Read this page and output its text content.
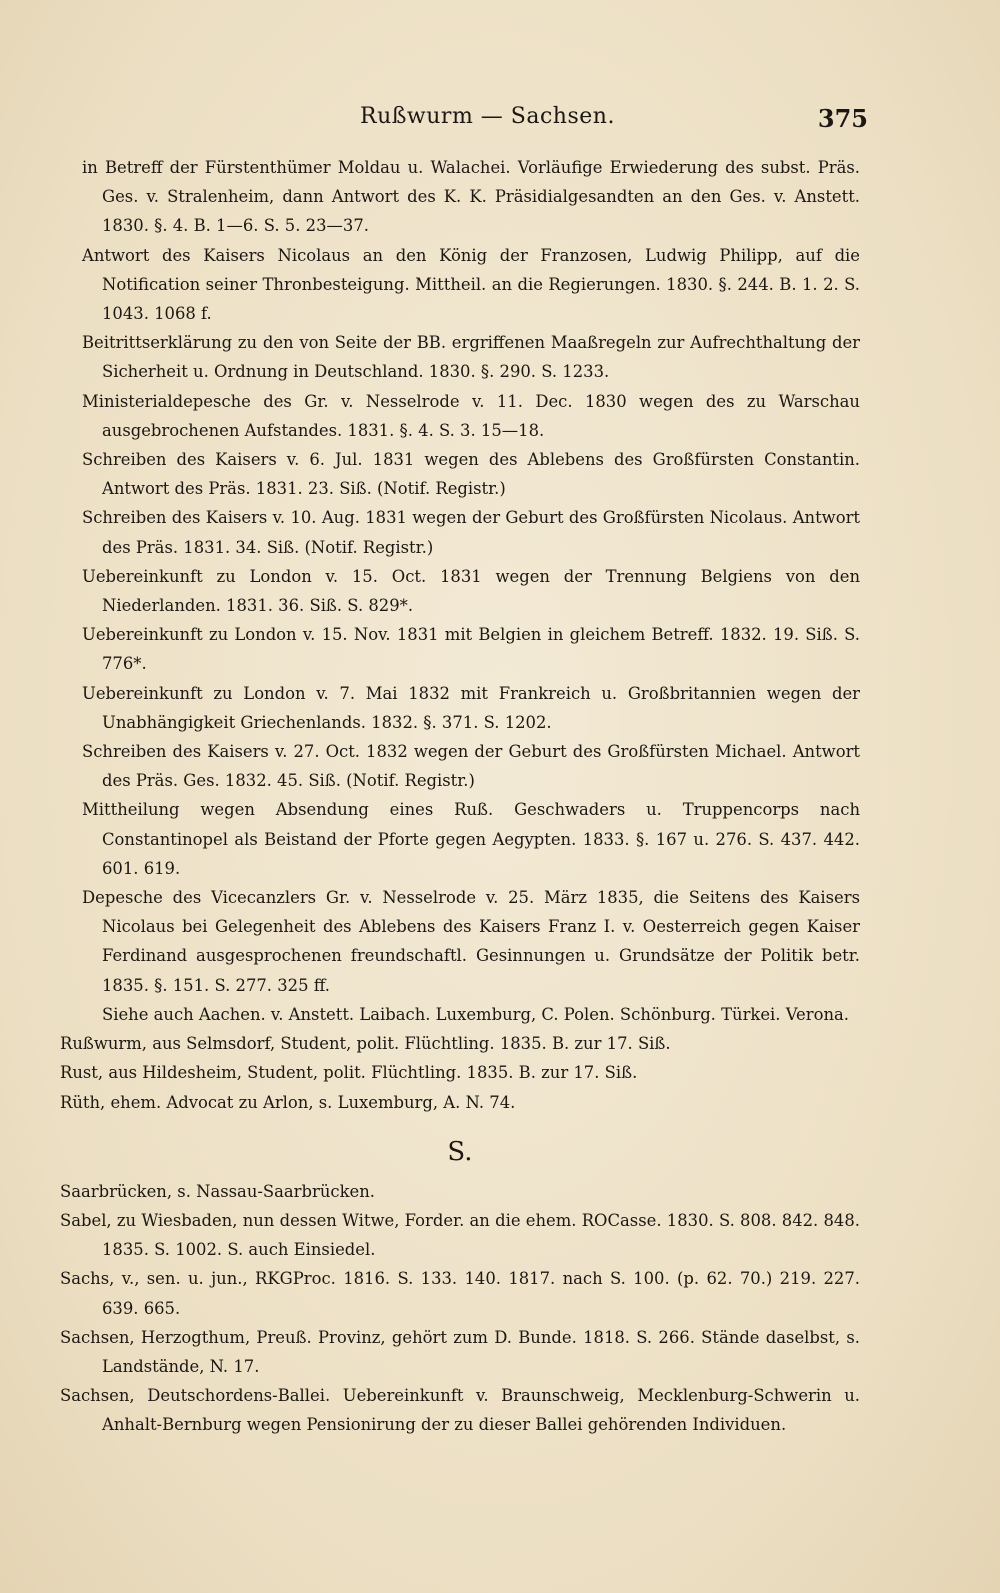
Rußwurm — Sachsen.	375

in Betreff der Fürstenthümer Moldau u. Walachei. Vorläufige Erwiederung des subst. Präs. Ges. v. Stralenheim, dann Antwort des K. K. Präsidialgesandten an den Ges. v. Anstett. 1830. §. 4. B. 1—6. S. 5. 23—37.

Antwort des Kaisers Nicolaus an den König der Franzosen, Ludwig Philipp, auf die Notification seiner Thronbesteigung. Mittheil. an die Regierungen. 1830. §. 244. B. 1. 2. S. 1043. 1068 f.

Beitrittserklärung zu den von Seite der BB. ergriffenen Maaßregeln zur Aufrechthaltung der Sicherheit u. Ordnung in Deutschland. 1830. §. 290. S. 1233.

Ministerialdepesche des Gr. v. Nesselrode v. 11. Dec. 1830 wegen des zu Warschau ausgebrochenen Aufstandes. 1831. §. 4. S. 3. 15—18.

Schreiben des Kaisers v. 6. Jul. 1831 wegen des Ablebens des Großfürsten Constantin. Antwort des Präs. 1831. 23. Siß. (Notif. Registr.)

Schreiben des Kaisers v. 10. Aug. 1831 wegen der Geburt des Großfürsten Nicolaus. Antwort des Präs. 1831. 34. Siß. (Notif. Registr.)

Uebereinkunft zu London v. 15. Oct. 1831 wegen der Trennung Belgiens von den Niederlanden. 1831. 36. Siß. S. 829*.

Uebereinkunft zu London v. 15. Nov. 1831 mit Belgien in gleichem Betreff. 1832. 19. Siß. S. 776*.

Uebereinkunft zu London v. 7. Mai 1832 mit Frankreich u. Großbritannien wegen der Unabhängigkeit Griechenlands. 1832. §. 371. S. 1202.

Schreiben des Kaisers v. 27. Oct. 1832 wegen der Geburt des Großfürsten Michael. Antwort des Präs. Ges. 1832. 45. Siß. (Notif. Registr.)

Mittheilung wegen Absendung eines Ruß. Geschwaders u. Truppencorps nach Constantinopel als Beistand der Pforte gegen Aegypten. 1833. §. 167 u. 276. S. 437. 442. 601. 619.

Depesche des Vicecanzlers Gr. v. Nesselrode v. 25. März 1835, die Seitens des Kaisers Nicolaus bei Gelegenheit des Ablebens des Kaisers Franz I. v. Oesterreich gegen Kaiser Ferdinand ausgesprochenen freundschaftl. Gesinnungen u. Grundsätze der Politik betr. 1835. §. 151. S. 277. 325 ff.

Siehe auch Aachen. v. Anstett. Laibach. Luxemburg, C. Polen. Schönburg. Türkei. Verona.

Rußwurm, aus Selmsdorf, Student, polit. Flüchtling. 1835. B. zur 17. Siß.

Rust, aus Hildesheim, Student, polit. Flüchtling. 1835. B. zur 17. Siß.

Rüth, ehem. Advocat zu Arlon, s. Luxemburg, A. N. 74.

S.

Saarbrücken, s. Nassau-Saarbrücken.

Sabel, zu Wiesbaden, nun dessen Witwe, Forder. an die ehem. ROCasse. 1830. S. 808. 842. 848. 1835. S. 1002. S. auch Einsiedel.

Sachs, v., sen. u. jun., RKGProc. 1816. S. 133. 140. 1817. nach S. 100. (p. 62. 70.) 219. 227. 639. 665.

Sachsen, Herzogthum, Preuß. Provinz, gehört zum D. Bunde. 1818. S. 266. Stände daselbst, s. Landstände, N. 17.

Sachsen, Deutschordens-Ballei. Uebereinkunft v. Braunschweig, Mecklenburg-Schwerin u. Anhalt-Bernburg wegen Pensionirung der zu dieser Ballei gehörenden Individuen.
